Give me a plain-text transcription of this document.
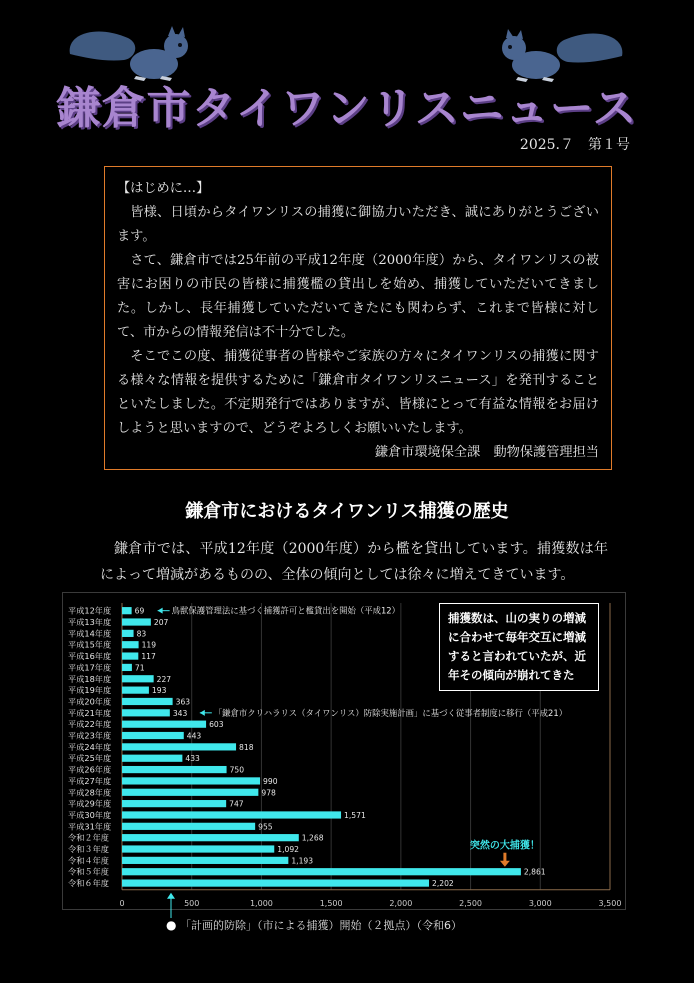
鎌倉市タイワンリスニュース
2025.７　第１号

【はじめに…】

皆様、日頃からタイワンリスの捕獲に御協力いただき、誠にありがとうございます。

さて、鎌倉市では25年前の平成12年度（2000年度）から、タイワンリスの被害にお困りの市民の皆様に捕獲檻の貸出しを始め、捕獲していただいてきました。しかし、長年捕獲していただいてきたにも関わらず、これまで皆様に対して、市からの情報発信は不十分でした。

そこでこの度、捕獲従事者の皆様やご家族の方々にタイワンリスの捕獲に関する様々な情報を提供するために「鎌倉市タイワンリスニュース」を発刊することといたしました。不定期発行ではありますが、皆様にとって有益な情報をお届けしようと思いますので、どうぞよろしくお願いいたします。

鎌倉市環境保全課　動物保護管理担当

鎌倉市におけるタイワンリス捕獲の歴史
鎌倉市では、平成12年度（2000年度）から檻を貸出しています。捕獲数は年によって増減があるものの、全体の傾向としては徐々に増えてきています。
0	500	1,000	1,500	2,000	2,500	3,000	3,500
平成12年度	69
平成13年度	207
平成14年度	83
平成15年度	119
平成16年度	117
平成17年度	71
平成18年度	227
平成19年度	193
平成20年度	363
平成21年度	343
平成22年度	603
平成23年度	443
平成24年度	818
平成25年度	433
平成26年度	750
平成27年度	990
平成28年度	978
平成29年度	747
平成30年度	1,571
平成31年度	955
令和２年度	1,268
令和３年度	1,092
令和４年度	1,193
令和５年度	2,861
令和６年度	2,202
鳥獣保護管理法に基づく捕獲許可と檻貸出を開始（平成12）
「鎌倉市クリハラリス（タイワンリス）防除実施計画」に基づく従事者制度に移行（平成21）
突然の大捕獲！
捕獲数は、山の実りの増減に合わせて毎年交互に増減すると言われていたが、近年その傾向が崩れてきた
● 「計画的防除」（市による捕獲）開始（２拠点）（令和6）
